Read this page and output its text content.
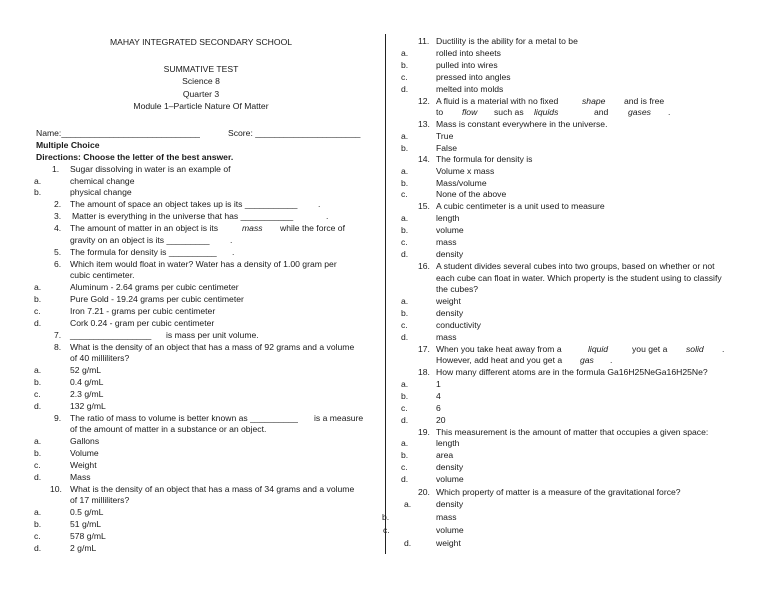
MAHAY INTEGRATED SECONDARY SCHOOL
SUMMATIVE TEST
Science 8
Quarter 3
Module 1–Particle Nature Of Matter
Name:_____________________________	Score: ______________________
Multiple Choice
Directions: Choose the letter of the best answer.
1. Sugar dissolving in water is an example of
a.	chemical change
b.	physical change
2. The amount of space an object takes up is its ___________ .
3. Matter is everything in the universe that has ___________	.
4. The amount of matter in an object is its	mass while the force of
gravity on an object is its _________ .
5. The formula for density is __________ .
6. Which item would float in water? Water has a density of 1.00 gram per
cubic centimeter.
a.	Aluminum - 2.64 grams per cubic centimeter
b.	Pure Gold - 19.24 grams per cubic centimeter
c.	Iron 7.21 - grams per cubic centimeter
d.	Cork 0.24 - gram per cubic centimeter
7. _________________ is mass per unit volume.
8. What is the density of an object that has a mass of 92 grams and a volume
of 40 milliliters?
a.	52 g/mL
b.	0.4 g/mL
c.	2.3 g/mL
d.	132 g/mL
9. The ratio of mass to volume is better known as __________ is a measure
of the amount of matter in a substance or an object.
a.	Gallons
b.	Volume
c.	Weight
d.	Mass
10. What is the density of an object that has a mass of 34 grams and a volume
of 17 milliliters?
a.	0.5 g/mL
b.	51 g/mL
c.	578 g/mL
d.	2 g/mL
11. Ductility is the ability for a metal to be
a.	rolled into sheets
b.	pulled into wires
c.	pressed into angles
d.	melted into molds
12. A fluid is a material with no fixed	shape and is free
to flow such as liquids	and gases .
13. Mass is constant everywhere in the universe.
a.	True
b.	False
14. The formula for density is
a.	Volume x mass
b.	Mass/volume
c.	None of the above
15. A cubic centimeter is a unit used to measure
a.	length
b.	volume
c.	mass
d.	density
16. A student divides several cubes into two groups, based on whether or not
each cube can float in water. Which property is the student using to classify
the cubes?
a.	weight
b.	density
c.	conductivity
d.	mass
17. When you take heat away from a	liquid	you get a solid .
However, add heat and you get a gas .
18. How many different atoms are in the formula Ga16H25NeGa16H25Ne?
a.	1
b.	4
c.	6
d.	20
19. This measurement is the amount of matter that occupies a given space:
a.	length
b.	area
c.	density
d.	volume
20. Which property of matter is a measure of the gravitational force?
a.	density
b.	mass
c.	volume
d.	weight
